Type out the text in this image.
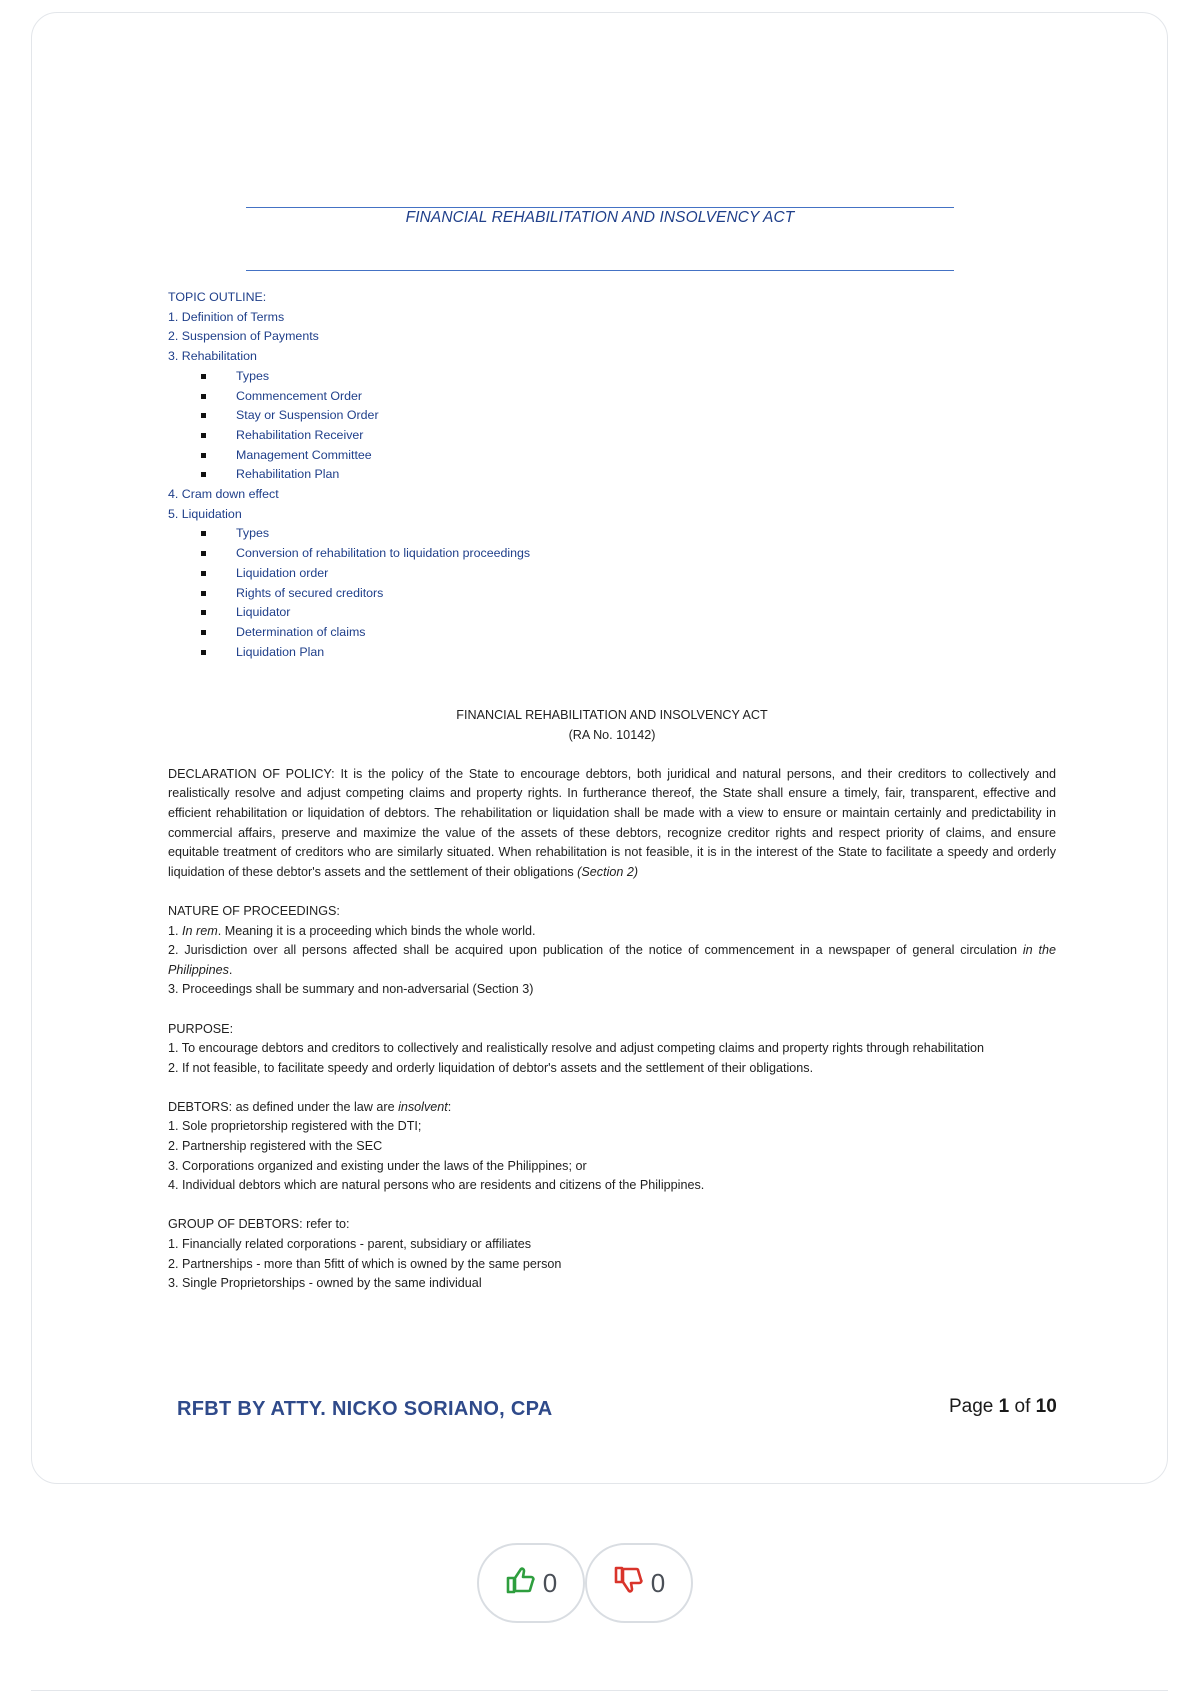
FINANCIAL REHABILITATION AND INSOLVENCY ACT
TOPIC OUTLINE:
1. Definition of Terms
2. Suspension of Payments
3. Rehabilitation
Types
Commencement Order
Stay or Suspension Order
Rehabilitation Receiver
Management Committee
Rehabilitation Plan
4. Cram down effect
5. Liquidation
Types
Conversion of rehabilitation to liquidation proceedings
Liquidation order
Rights of secured creditors
Liquidator
Determination of claims
Liquidation Plan
FINANCIAL REHABILITATION AND INSOLVENCY ACT
(RA No. 10142)
DECLARATION OF POLICY: It is the policy of the State to encourage debtors, both juridical and natural persons, and their creditors to collectively and realistically resolve and adjust competing claims and property rights. In furtherance thereof, the State shall ensure a timely, fair, transparent, effective and efficient rehabilitation or liquidation of debtors. The rehabilitation or liquidation shall be made with a view to ensure or maintain certainly and predictability in commercial affairs, preserve and maximize the value of the assets of these debtors, recognize creditor rights and respect priority of claims, and ensure equitable treatment of creditors who are similarly situated. When rehabilitation is not feasible, it is in the interest of the State to facilitate a speedy and orderly liquidation of these debtor's assets and the settlement of their obligations (Section 2)
NATURE OF PROCEEDINGS:
1. In rem. Meaning it is a proceeding which binds the whole world.
2. Jurisdiction over all persons affected shall be acquired upon publication of the notice of commencement in a newspaper of general circulation in the Philippines.
3. Proceedings shall be summary and non-adversarial (Section 3)
PURPOSE:
1. To encourage debtors and creditors to collectively and realistically resolve and adjust competing claims and property rights through rehabilitation
2. If not feasible, to facilitate speedy and orderly liquidation of debtor's assets and the settlement of their obligations.
DEBTORS: as defined under the law are insolvent:
1. Sole proprietorship registered with the DTI;
2. Partnership registered with the SEC
3. Corporations organized and existing under the laws of the Philippines; or
4. Individual debtors which are natural persons who are residents and citizens of the Philippines.
GROUP OF DEBTORS: refer to:
1. Financially related corporations - parent, subsidiary or affiliates
2. Partnerships - more than 5fitt of which is owned by the same person
3. Single Proprietorships - owned by the same individual
RFBT BY ATTY. NICKO SORIANO, CPA	Page 1 of 10
0	0
